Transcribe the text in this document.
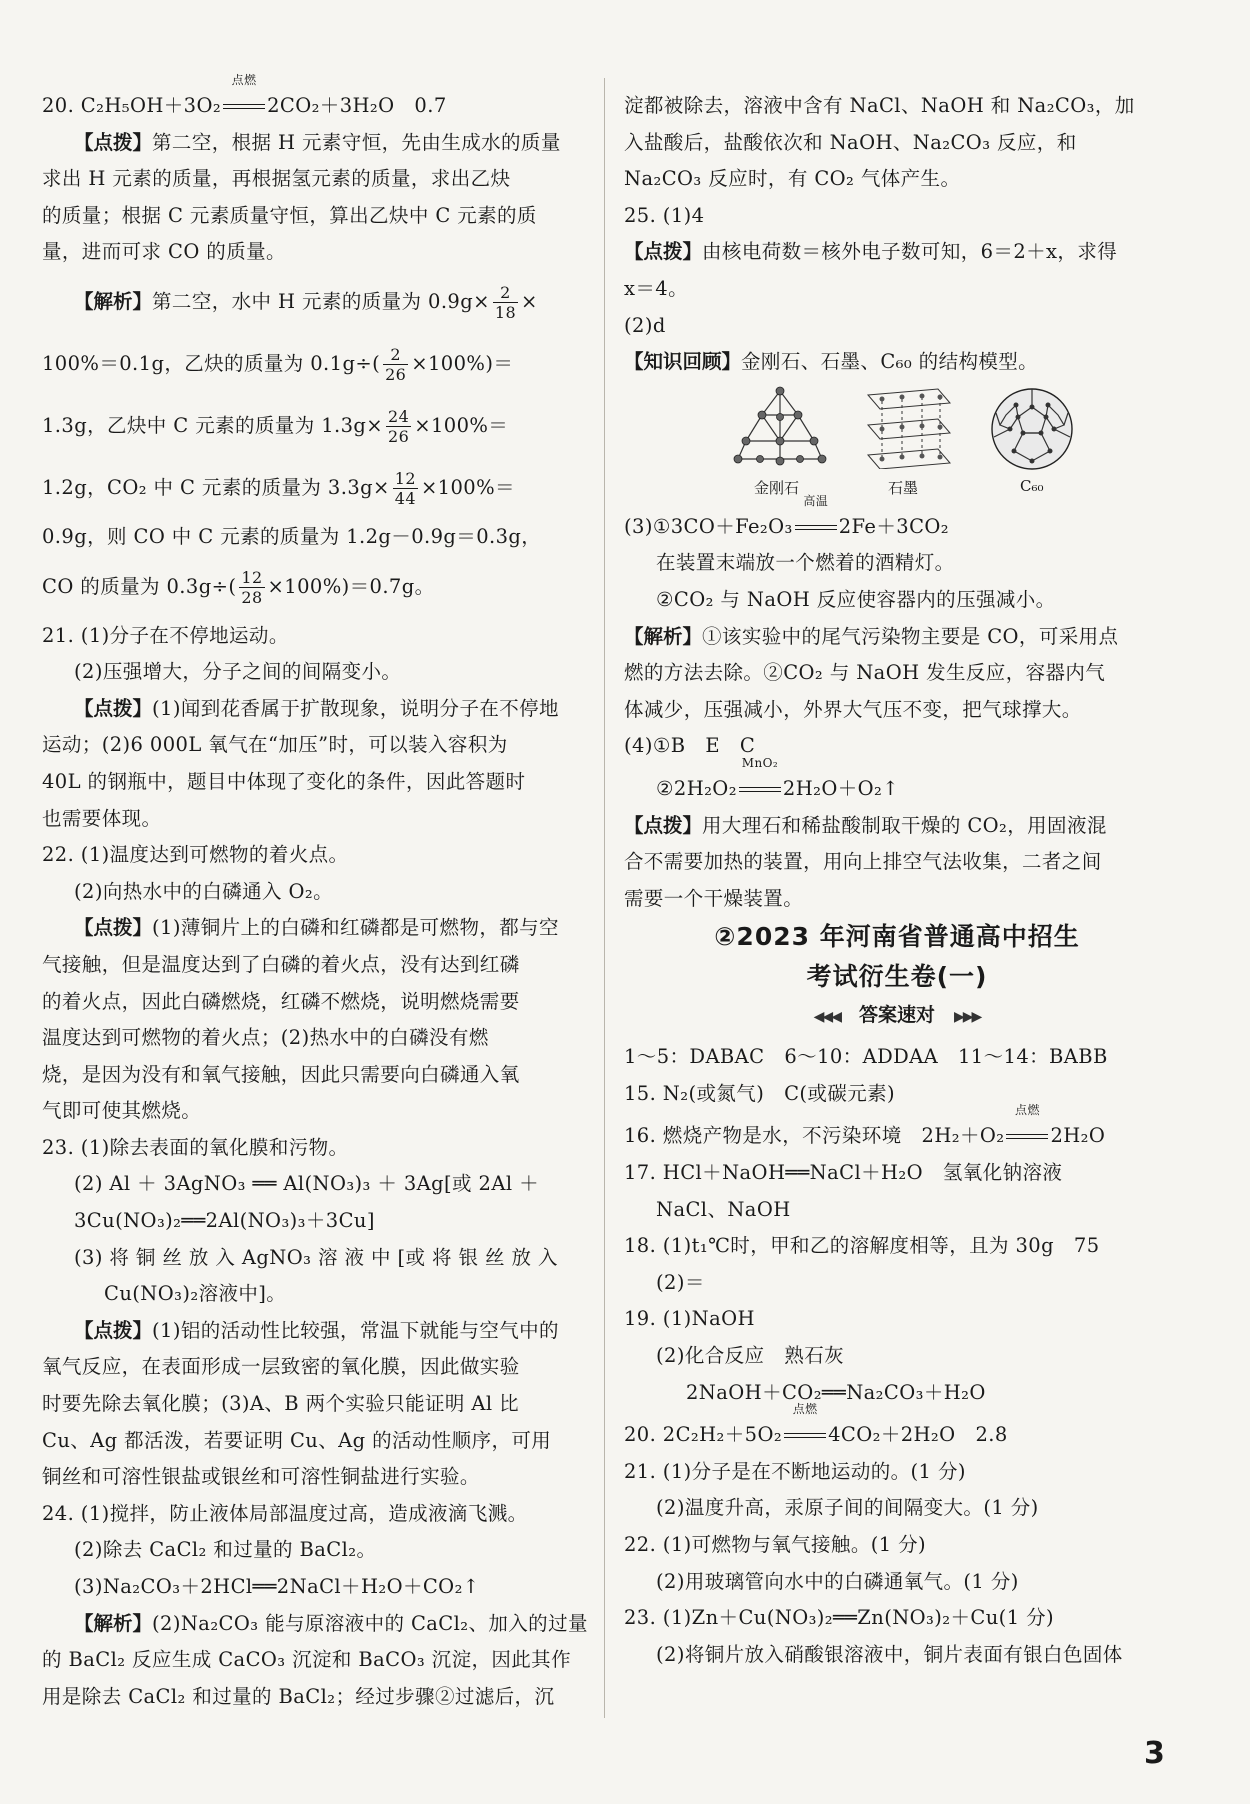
20. C₂H₅OH＋3O₂
点燃
2CO₂＋3H₂O　0.7
【点拨】第二空，根据 H 元素守恒，先由生成水的质量
求出 H 元素的质量，再根据氢元素的质量，求出乙炔
的质量；根据 C 元素质量守恒，算出乙炔中 C 元素的质
量，进而可求 CO 的质量。
【解析】第二空，水中 H 元素的质量为 $0.9g\times \frac{2}{18}$ ×
100%＝0.1g，乙炔的质量为 $0.1g\div( \frac{2}{26} \times 100\%)=$
1.3g，乙炔中 C 元素的质量为 $1.3g\times \frac{24}{26} \times 100\%=$
1.2g，CO₂ 中 C 元素的质量为 $3.3g\times \frac{12}{44} \times 100\%=$
0.9g，则 CO 中 C 元素的质量为 1.2g－0.9g＝0.3g，
CO 的质量为 $0.3g\div( \frac{12}{28} \times 100\%)=0.7g$。
21. (1)分子在不停地运动。
(2)压强增大，分子之间的间隔变小。
【点拨】(1)闻到花香属于扩散现象，说明分子在不停地
运动；(2)6 000L 氧气在“加压”时，可以装入容积为
40L 的钢瓶中，题目中体现了变化的条件，因此答题时
也需要体现。
22. (1)温度达到可燃物的着火点。
(2)向热水中的白磷通入 O₂。
【点拨】(1)薄铜片上的白磷和红磷都是可燃物，都与空
气接触，但是温度达到了白磷的着火点，没有达到红磷
的着火点，因此白磷燃烧，红磷不燃烧，说明燃烧需要
温度达到可燃物的着火点；(2)热水中的白磷没有燃
烧，是因为没有和氧气接触，因此只需要向白磷通入氧
气即可使其燃烧。
23. (1)除去表面的氧化膜和污物。
(2) Al ＋ 3AgNO₃ ══ Al(NO₃)₃ ＋ 3Ag[或 2Al ＋
3Cu(NO₃)₂══2Al(NO₃)₃＋3Cu]
(3) 将 铜 丝 放 入 AgNO₃ 溶 液 中 [或 将 银 丝 放 入
Cu(NO₃)₂溶液中]。
【点拨】(1)铝的活动性比较强，常温下就能与空气中的
氧气反应，在表面形成一层致密的氧化膜，因此做实验
时要先除去氧化膜；(3)A、B 两个实验只能证明 Al 比
Cu、Ag 都活泼，若要证明 Cu、Ag 的活动性顺序，可用
铜丝和可溶性银盐或银丝和可溶性铜盐进行实验。
24. (1)搅拌，防止液体局部温度过高，造成液滴飞溅。
(2)除去 CaCl₂ 和过量的 BaCl₂。
(3)Na₂CO₃＋2HCl══2NaCl＋H₂O＋CO₂↑
【解析】(2)Na₂CO₃ 能与原溶液中的 CaCl₂、加入的过量
的 BaCl₂ 反应生成 CaCO₃ 沉淀和 BaCO₃ 沉淀，因此其作
用是除去 CaCl₂ 和过量的 BaCl₂；经过步骤②过滤后，沉
淀都被除去，溶液中含有 NaCl、NaOH 和 Na₂CO₃，加
入盐酸后，盐酸依次和 NaOH、Na₂CO₃ 反应，和
Na₂CO₃ 反应时，有 CO₂ 气体产生。
25. (1)4
【点拨】由核电荷数＝核外电子数可知，6＝2＋x，求得
x＝4。
(2)d
【知识回顾】金刚石、石墨、C₆₀ 的结构模型。
金刚石	石墨	C₆₀
(3)①3CO＋Fe₂O₃
高温
2Fe＋3CO₂
在装置末端放一个燃着的酒精灯。
②CO₂ 与 NaOH 反应使容器内的压强减小。
【解析】①该实验中的尾气污染物主要是 CO，可采用点
燃的方法去除。②CO₂ 与 NaOH 发生反应，容器内气
体减少，压强减小，外界大气压不变，把气球撑大。
(4)①B　E　C
②2H₂O₂
MnO₂
2H₂O＋O₂↑
【点拨】用大理石和稀盐酸制取干燥的 CO₂，用固液混
合不需要加热的装置，用向上排空气法收集，二者之间
需要一个干燥装置。
②2023 年河南省普通高中招生
考试衍生卷(一)
◀◀◀　 答案速对　 ▶▶▶
1～5：DABAC　6～10：ADDAA　11～14：BABB
15. N₂(或氮气)　C(或碳元素)
16. 燃烧产物是水，不污染环境　2H₂＋O₂
点燃
2H₂O
17. HCl＋NaOH══NaCl＋H₂O　氢氧化钠溶液
NaCl、NaOH
18. (1)t₁℃时，甲和乙的溶解度相等，且为 30g　75
(2)＝
19. (1)NaOH
(2)化合反应　熟石灰
2NaOH＋CO₂══Na₂CO₃＋H₂O
20. 2C₂H₂＋5O₂
点燃
4CO₂＋2H₂O　2.8
21. (1)分子是在不断地运动的。(1 分)
(2)温度升高，汞原子间的间隔变大。(1 分)
22. (1)可燃物与氧气接触。(1 分)
(2)用玻璃管向水中的白磷通氧气。(1 分)
23. (1)Zn＋Cu(NO₃)₂══Zn(NO₃)₂＋Cu(1 分)
(2)将铜片放入硝酸银溶液中，铜片表面有银白色固体
3
